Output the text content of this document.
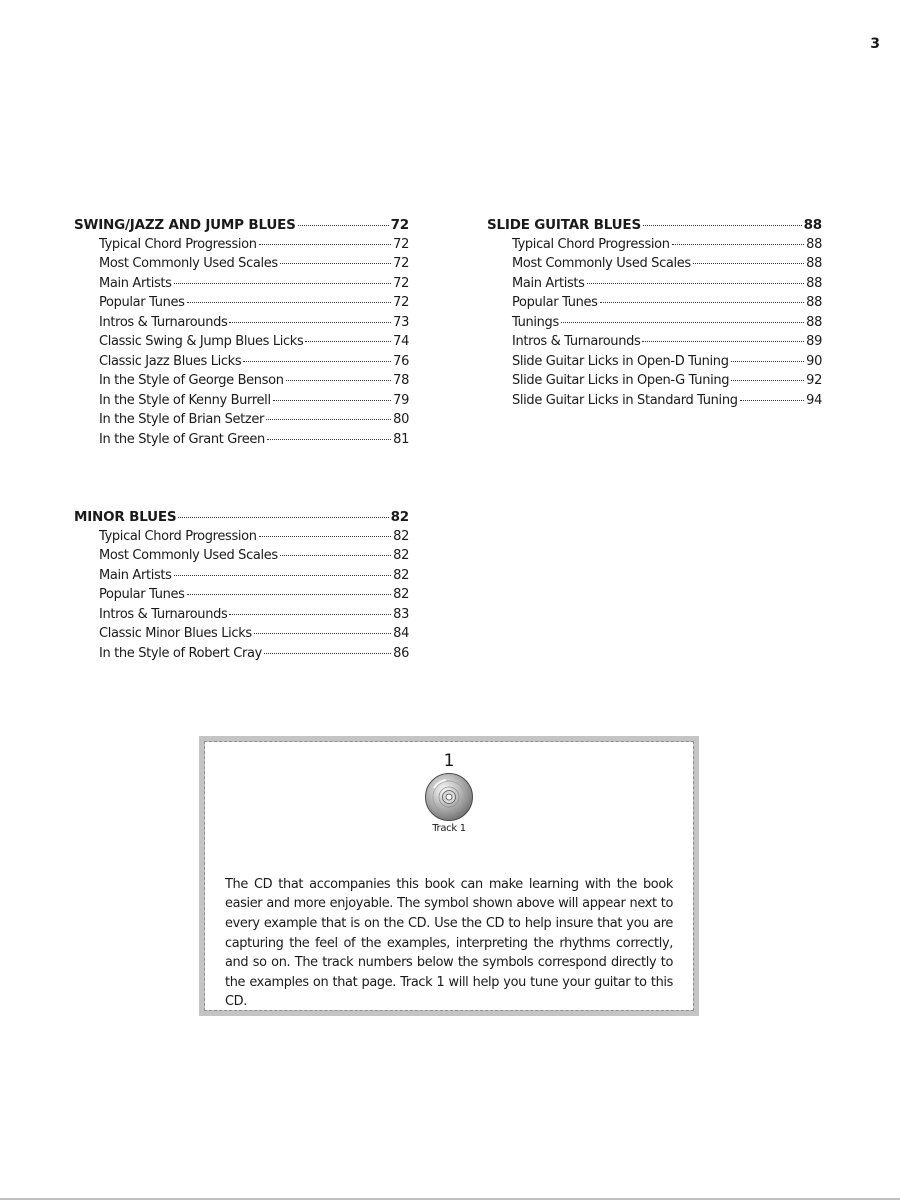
3
SWING/JAZZ AND JUMP BLUES	72
Typical Chord Progression	72
Most Commonly Used Scales	72
Main Artists	72
Popular Tunes	72
Intros & Turnarounds	73
Classic Swing & Jump Blues Licks	74
Classic Jazz Blues Licks	76
In the Style of George Benson	78
In the Style of Kenny Burrell	79
In the Style of Brian Setzer	80
In the Style of Grant Green	81
MINOR BLUES	82
Typical Chord Progression	82
Most Commonly Used Scales	82
Main Artists	82
Popular Tunes	82
Intros & Turnarounds	83
Classic Minor Blues Licks	84
In the Style of Robert Cray	86
SLIDE GUITAR BLUES	88
Typical Chord Progression	88
Most Commonly Used Scales	88
Main Artists	88
Popular Tunes	88
Tunings	88
Intros & Turnarounds	89
Slide Guitar Licks in Open-D Tuning	90
Slide Guitar Licks in Open-G Tuning	92
Slide Guitar Licks in Standard Tuning	94
1
Track 1

The CD that accompanies this book can make learning with the book easier and more enjoyable. The symbol shown above will appear next to every example that is on the CD. Use the CD to help insure that you are capturing the feel of the examples, interpreting the rhythms correctly, and so on. The track numbers below the symbols correspond directly to the examples on that page. Track 1 will help you tune your guitar to this CD.
